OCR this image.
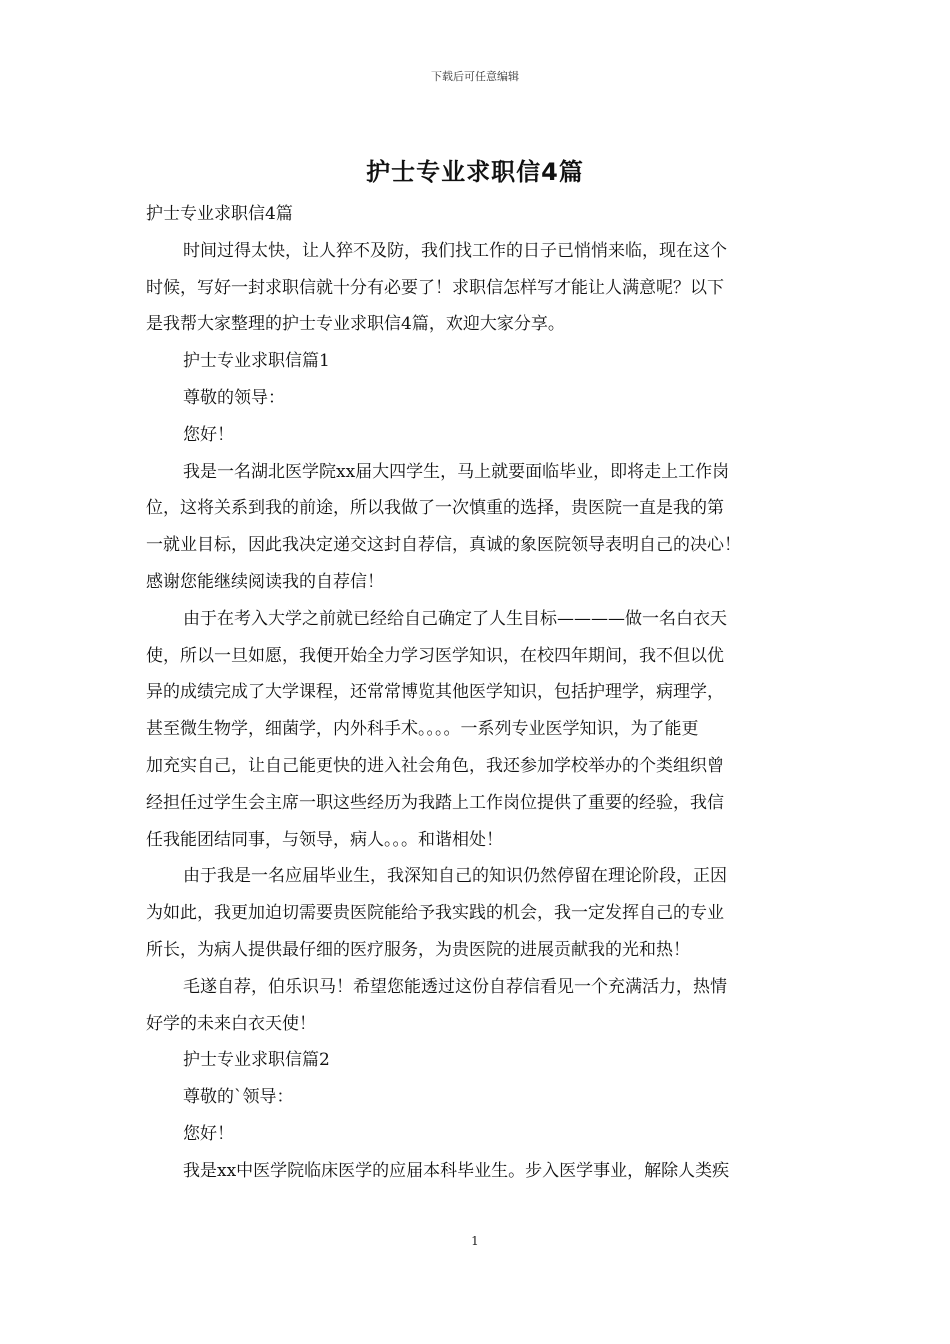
下载后可任意编辑
护士专业求职信4篇
护士专业求职信4篇
时间过得太快，让人猝不及防，我们找工作的日子已悄悄来临，现在这个
时候，写好一封求职信就十分有必要了！求职信怎样写才能让人满意呢？以下
是我帮大家整理的护士专业求职信4篇，欢迎大家分享。
护士专业求职信篇1
尊敬的领导：
您好！
我是一名湖北医学院xx届大四学生，马上就要面临毕业，即将走上工作岗
位，这将关系到我的前途，所以我做了一次慎重的选择，贵医院一直是我的第
一就业目标，因此我决定递交这封自荐信，真诚的象医院领导表明自己的决心！
感谢您能继续阅读我的自荐信！
由于在考入大学之前就已经给自己确定了人生目标————做一名白衣天
使，所以一旦如愿，我便开始全力学习医学知识，在校四年期间，我不但以优
异的成绩完成了大学课程，还常常博览其他医学知识，包括护理学，病理学，
甚至微生物学，细菌学，内外科手术。。。。一系列专业医学知识，为了能更
加充实自己，让自己能更快的进入社会角色，我还参加学校举办的个类组织曾
经担任过学生会主席一职这些经历为我踏上工作岗位提供了重要的经验，我信
任我能团结同事，与领导，病人。。。和谐相处！
由于我是一名应届毕业生，我深知自己的知识仍然停留在理论阶段，正因
为如此，我更加迫切需要贵医院能给予我实践的机会，我一定发挥自己的专业
所长，为病人提供最仔细的医疗服务，为贵医院的进展贡献我的光和热！
毛遂自荐，伯乐识马！希望您能透过这份自荐信看见一个充满活力，热情
好学的未来白衣天使！
护士专业求职信篇2
尊敬的`领导：
您好！
我是xx中医学院临床医学的应届本科毕业生。步入医学事业，解除人类疾
1
